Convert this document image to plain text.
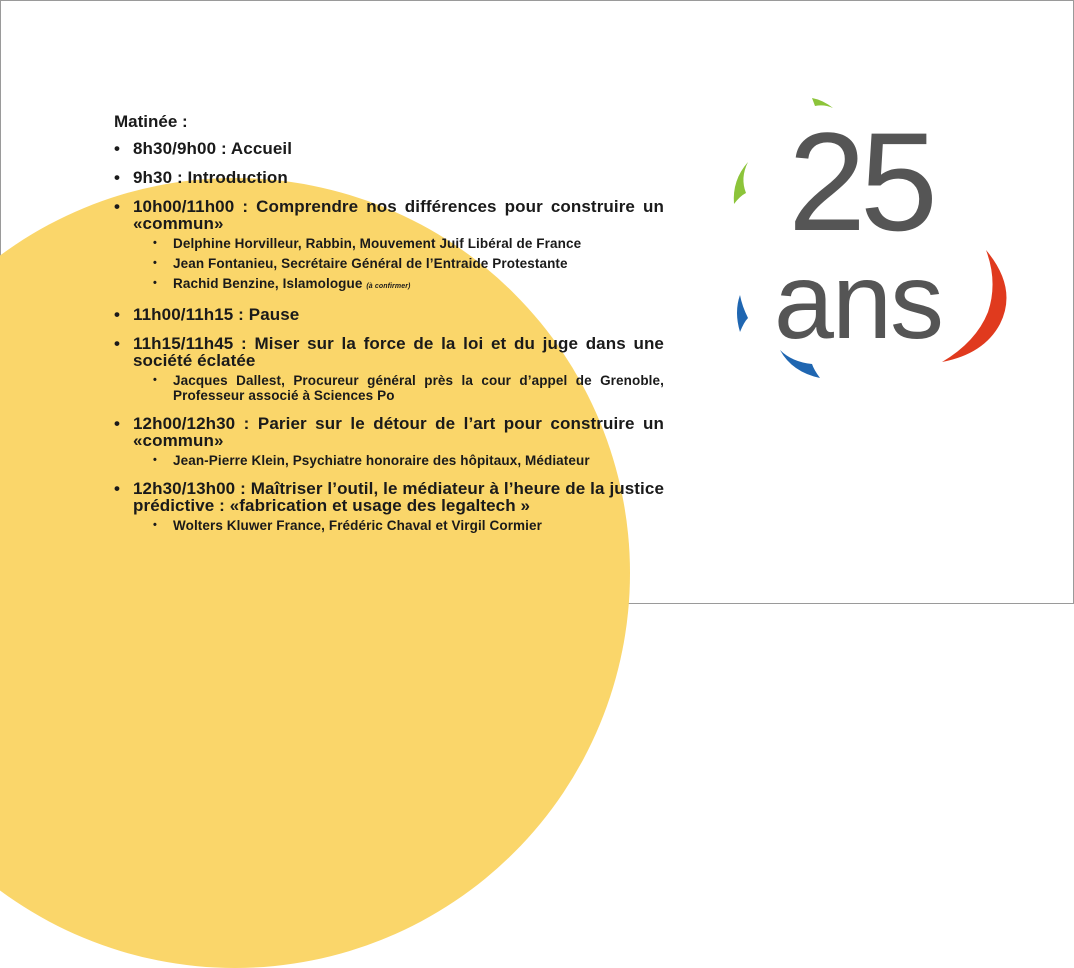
Matinée :
• 8h30/9h00 : Accueil
• 9h30 : Introduction
• 10h00/11h00 : Comprendre nos différences pour construire un «commun»
• Delphine Horvilleur, Rabbin, Mouvement Juif Libéral de France
• Jean Fontanieu, Secrétaire Général de l’Entraide Protestante
• Rachid Benzine, Islamologue (à confirmer)
• 11h00/11h15 : Pause
• 11h15/11h45 : Miser sur la force de la loi et du juge dans une société éclatée
• Jacques Dallest, Procureur général près la cour d’appel de Grenoble, Professeur associé à Sciences Po
• 12h00/12h30 : Parier sur le détour de l’art pour construire un «commun»
• Jean-Pierre Klein, Psychiatre honoraire des hôpitaux, Médiateur
• 12h30/13h00 : Maîtriser l’outil, le médiateur à l’heure de la justice prédictive : «fabrication et usage des legaltech »
• Wolters Kluwer France, Frédéric Chaval et Virgil Cormier
25
ans
